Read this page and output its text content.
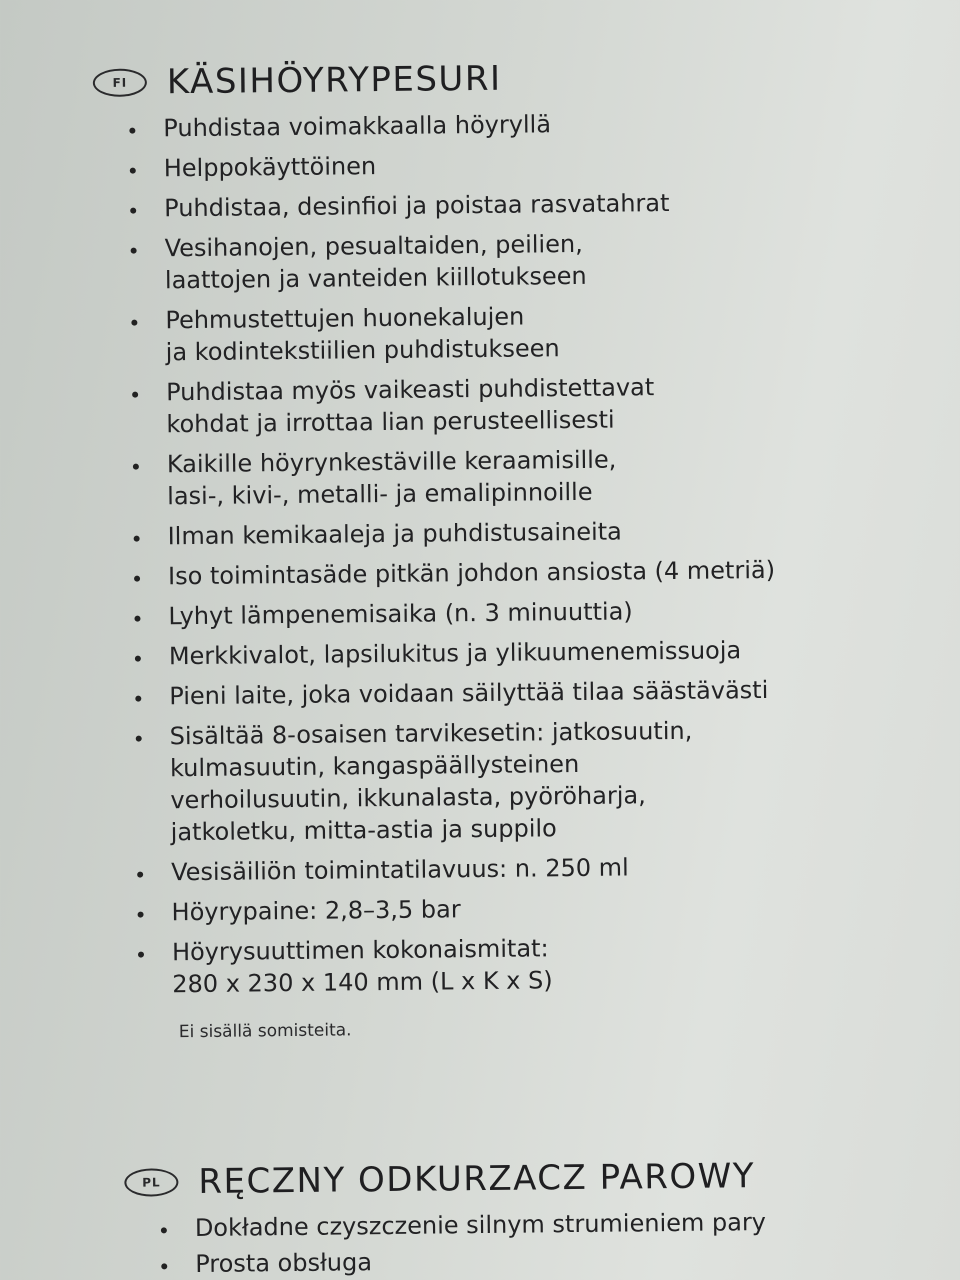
FI	KÄSIHÖYRYPESURI
Puhdistaa voimakkaalla höyryllä
Helppokäyttöinen
Puhdistaa, desinfioi ja poistaa rasvatahrat
Vesihanojen, pesualtaiden, peilien,
laattojen ja vanteiden kiillotukseen
Pehmustettujen huonekalujen
ja kodintekstiilien puhdistukseen
Puhdistaa myös vaikeasti puhdistettavat
kohdat ja irrottaa lian perusteellisesti
Kaikille höyrynkestäville keraamisille,
lasi-, kivi-, metalli- ja emalipinnoille
Ilman kemikaaleja ja puhdistusaineita
Iso toimintasäde pitkän johdon ansiosta (4 metriä)
Lyhyt lämpenemisaika (n. 3 minuuttia)
Merkkivalot, lapsilukitus ja ylikuumenemissuoja
Pieni laite, joka voidaan säilyttää tilaa säästävästi
Sisältää 8-osaisen tarvikesetin: jatkosuutin,
kulmasuutin, kangaspäällysteinen
verhoilusuutin, ikkunalasta, pyöröharja,
jatkoletku, mitta-astia ja suppilo
Vesisäiliön toimintatilavuus: n. 250 ml
Höyrypaine: 2,8–3,5 bar
Höyrysuuttimen kokonaismitat:
280 x 230 x 140 mm (L x K x S)
Ei sisällä somisteita.
PL	RĘCZNY ODKURZACZ PAROWY
Dokładne czyszczenie silnym strumieniem pary
Prosta obsługa
